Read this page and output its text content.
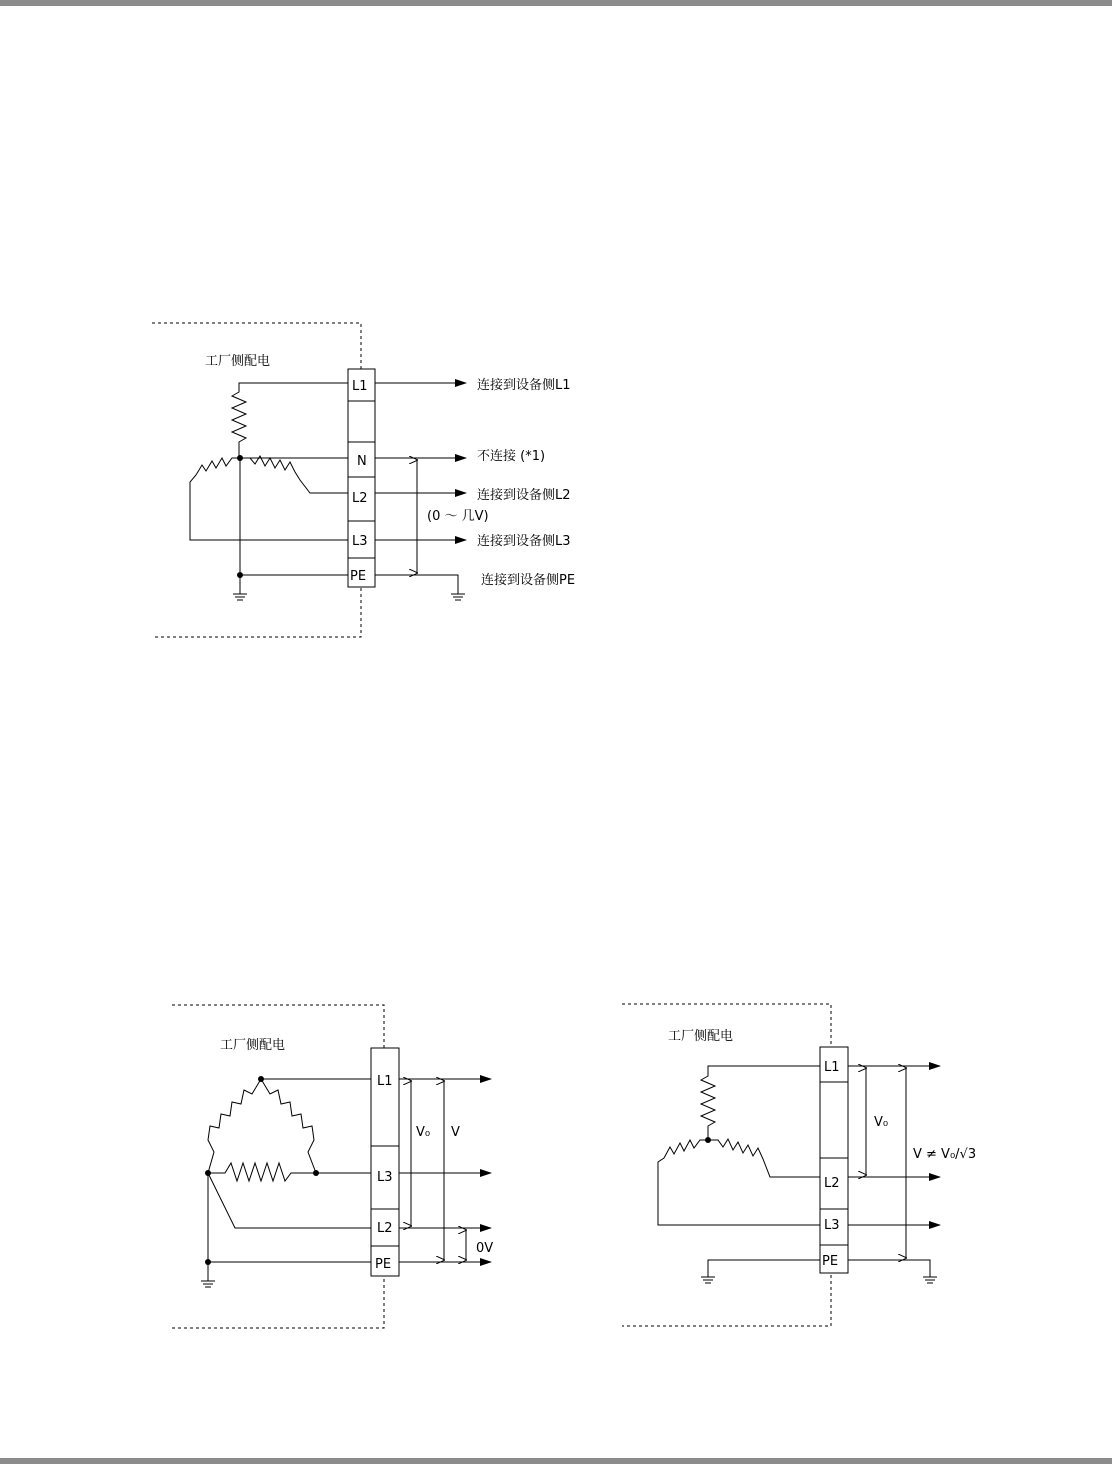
工厂侧配电
L1
N
L2
L3
PE
连接到设备侧L1
不连接 (*1)
连接到设备侧L2
连接到设备侧L3
连接到设备侧PE
(0 ～ 几V)
工厂侧配电
L1
L3
L2
PE
V₀ V
0V
工厂侧配电
L1
L2
L3
PE
V₀
V ≠ V₀/√3
